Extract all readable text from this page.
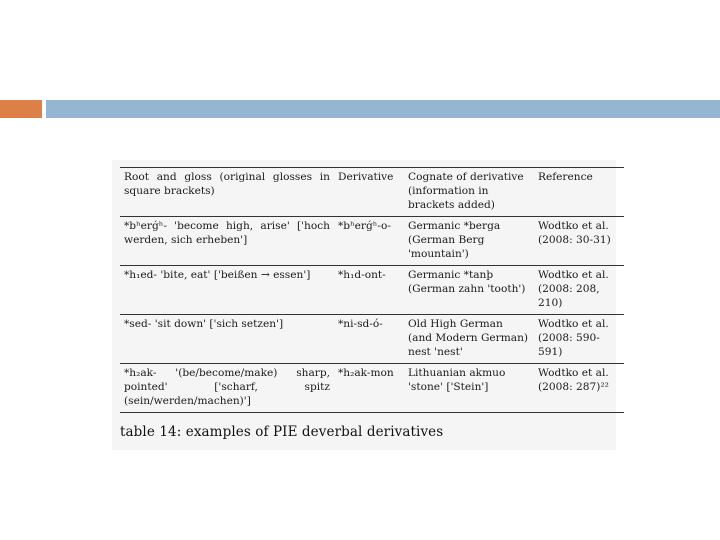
Root and gloss (original glosses in square brackets)	Derivative	Cognate of derivative (information in brackets added)	Reference
*bʰerǵʰ- 'become high, arise' ['hoch werden, sich erheben']	*bʰerǵʰ-o-	Germanic *berga (German Berg 'mountain')	Wodtko et al. (2008: 30-31)
*h₁ed- 'bite, eat' ['beißen → essen']	*h₁d-ont-	Germanic *tanþ (German zahn 'tooth')	Wodtko et al. (2008: 208, 210)
*sed- 'sit down' ['sich setzen']	*ni-sd-ó-	Old High German (and Modern German) nest 'nest'	Wodtko et al. (2008: 590-591)
*h₂ak- '(be/become/make) sharp, pointed' ['scharf, spitz (sein/werden/machen)']	*h₂ak-mon	Lithuanian akmuo 'stone' ['Stein']	Wodtko et al. (2008: 287)²²
table 14: examples of PIE deverbal derivatives
